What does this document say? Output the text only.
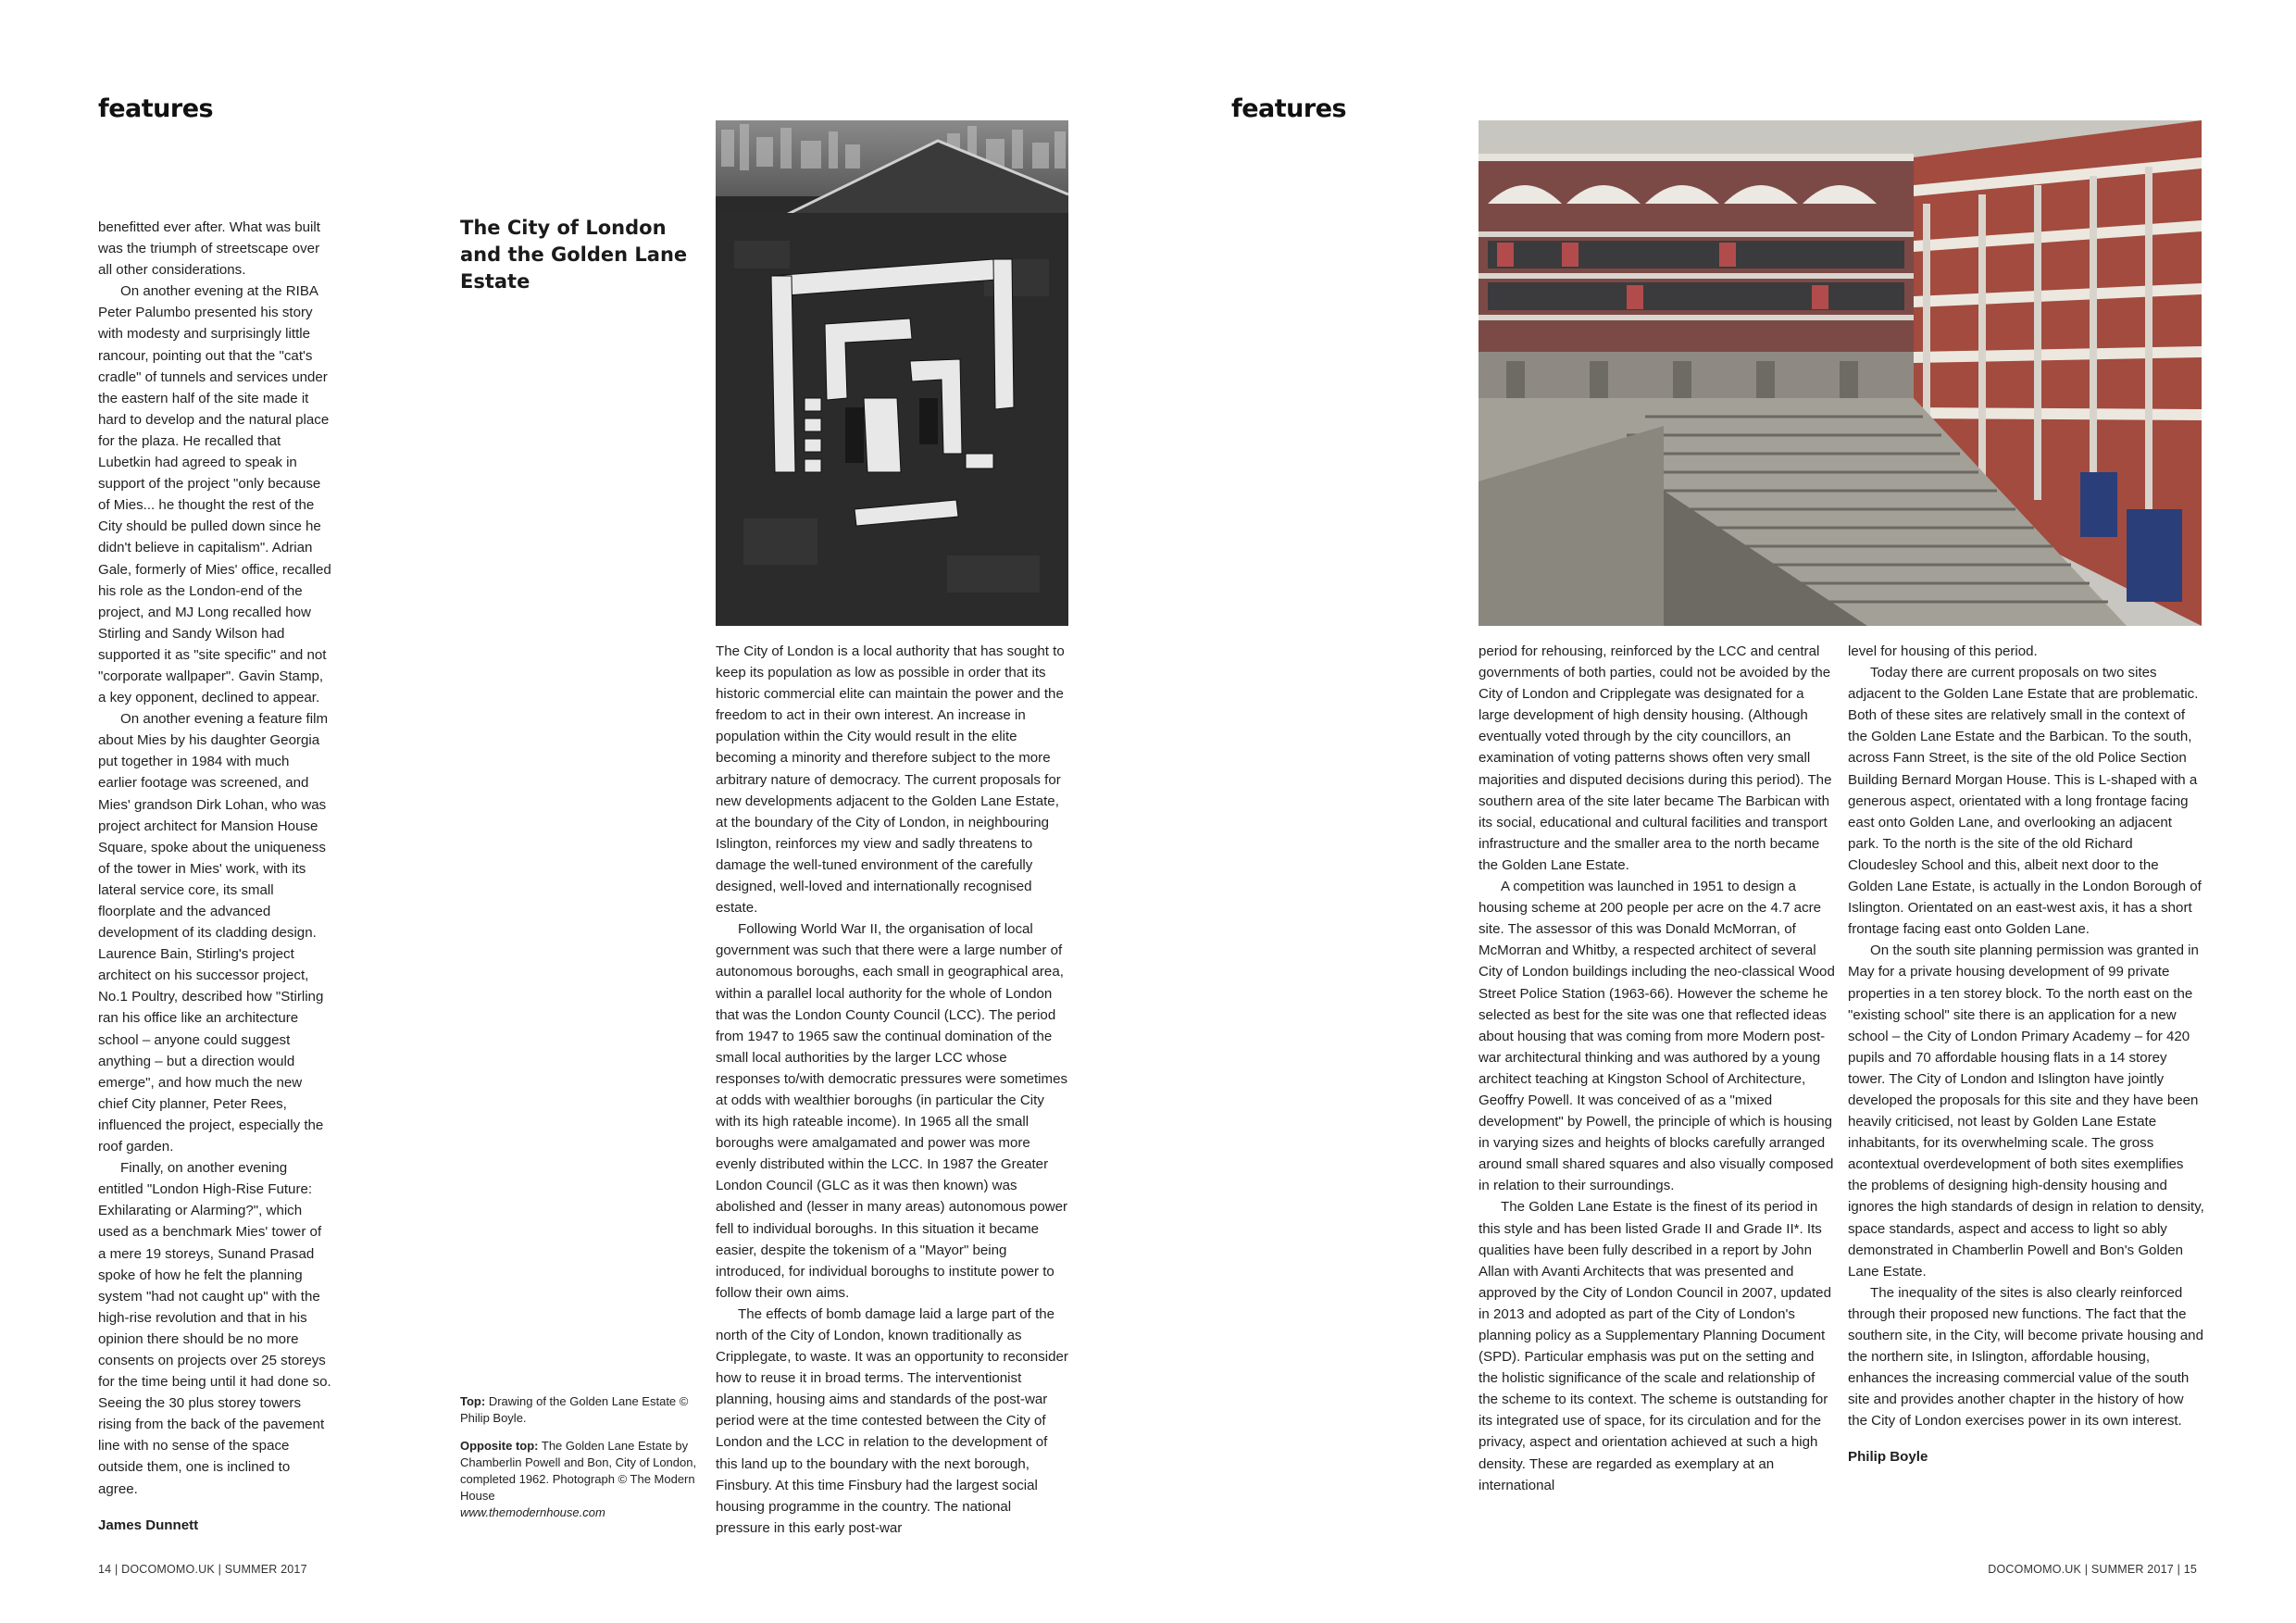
features

benefitted ever after. What was built was the triumph of streetscape over all other considerations.

On another evening at the RIBA Peter Palumbo presented his story with modesty and surprisingly little rancour, pointing out that the "cat's cradle" of tunnels and services under the eastern half of the site made it hard to develop and the natural place for the plaza. He recalled that Lubetkin had agreed to speak in support of the project "only because of Mies... he thought the rest of the City should be pulled down since he didn't believe in capitalism". Adrian Gale, formerly of Mies' office, recalled his role as the London-end of the project, and MJ Long recalled how Stirling and Sandy Wilson had supported it as "site specific" and not "corporate wallpaper". Gavin Stamp, a key opponent, declined to appear.

On another evening a feature film about Mies by his daughter Georgia put together in 1984 with much earlier footage was screened, and Mies' grandson Dirk Lohan, who was project architect for Mansion House Square, spoke about the uniqueness of the tower in Mies' work, with its lateral service core, its small floorplate and the advanced development of its cladding design. Laurence Bain, Stirling's project architect on his successor project, No.1 Poultry, described how "Stirling ran his office like an architecture school – anyone could suggest anything – but a direction would emerge", and how much the new chief City planner, Peter Rees, influenced the project, especially the roof garden.

Finally, on another evening entitled "London High-Rise Future: Exhilarating or Alarming?", which used as a benchmark Mies' tower of a mere 19 storeys, Sunand Prasad spoke of how he felt the planning system "had not caught up" with the high-rise revolution and that in his opinion there should be no more consents on projects over 25 storeys for the time being until it had done so. Seeing the 30 plus storey towers rising from the back of the pavement line with no sense of the space outside them, one is inclined to agree.

James Dunnett

The City of London and the Golden Lane Estate

Top: Drawing of the Golden Lane Estate © Philip Boyle.

Opposite top: The Golden Lane Estate by Chamberlin Powell and Bon, City of London, completed 1962. Photograph © The Modern House
www.themodernhouse.com

The City of London is a local authority that has sought to keep its population as low as possible in order that its historic commercial elite can maintain the power and the freedom to act in their own interest. An increase in population within the City would result in the elite becoming a minority and therefore subject to the more arbitrary nature of democracy. The current proposals for new developments adjacent to the Golden Lane Estate, at the boundary of the City of London, in neighbouring Islington, reinforces my view and sadly threatens to damage the well-tuned environment of the carefully designed, well-loved and internationally recognised estate.

Following World War II, the organisation of local government was such that there were a large number of autonomous boroughs, each small in geographical area, within a parallel local authority for the whole of London that was the London County Council (LCC). The period from 1947 to 1965 saw the continual domination of the small local authorities by the larger LCC whose responses to/with democratic pressures were sometimes at odds with wealthier boroughs (in particular the City with its high rateable income). In 1965 all the small boroughs were amalgamated and power was more evenly distributed within the LCC. In 1987 the Greater London Council (GLC as it was then known) was abolished and (lesser in many areas) autonomous power fell to individual boroughs. In this situation it became easier, despite the tokenism of a "Mayor" being introduced, for individual boroughs to institute power to follow their own aims.

The effects of bomb damage laid a large part of the north of the City of London, known traditionally as Cripplegate, to waste. It was an opportunity to reconsider how to reuse it in broad terms. The interventionist planning, housing aims and standards of the post-war period were at the time contested between the City of London and the LCC in relation to the development of this land up to the boundary with the next borough, Finsbury. At this time Finsbury had the largest social housing programme in the country. The national pressure in this early post-war

14 | DOCOMOMO.UK | SUMMER 2017
features

period for rehousing, reinforced by the LCC and central governments of both parties, could not be avoided by the City of London and Cripplegate was designated for a large development of high density housing. (Although eventually voted through by the city councillors, an examination of voting patterns shows often very small majorities and disputed decisions during this period). The southern area of the site later became The Barbican with its social, educational and cultural facilities and transport infrastructure and the smaller area to the north became the Golden Lane Estate.

A competition was launched in 1951 to design a housing scheme at 200 people per acre on the 4.7 acre site. The assessor of this was Donald McMorran, of McMorran and Whitby, a respected architect of several City of London buildings including the neo-classical Wood Street Police Station (1963-66). However the scheme he selected as best for the site was one that reflected ideas about housing that was coming from more Modern post-war architectural thinking and was authored by a young architect teaching at Kingston School of Architecture, Geoffry Powell. It was conceived of as a "mixed development" by Powell, the principle of which is housing in varying sizes and heights of blocks carefully arranged around small shared squares and also visually composed in relation to their surroundings.

The Golden Lane Estate is the finest of its period in this style and has been listed Grade II and Grade II*. Its qualities have been fully described in a report by John Allan with Avanti Architects that was presented and approved by the City of London Council in 2007, updated in 2013 and adopted as part of the City of London's planning policy as a Supplementary Planning Document (SPD). Particular emphasis was put on the setting and the holistic significance of the scale and relationship of the scheme to its context. The scheme is outstanding for its integrated use of space, for its circulation and for the privacy, aspect and orientation achieved at such a high density. These are regarded as exemplary at an international

level for housing of this period.

Today there are current proposals on two sites adjacent to the Golden Lane Estate that are problematic. Both of these sites are relatively small in the context of the Golden Lane Estate and the Barbican. To the south, across Fann Street, is the site of the old Police Section Building Bernard Morgan House. This is L-shaped with a generous aspect, orientated with a long frontage facing east onto Golden Lane, and overlooking an adjacent park. To the north is the site of the old Richard Cloudesley School and this, albeit next door to the Golden Lane Estate, is actually in the London Borough of Islington. Orientated on an east-west axis, it has a short frontage facing east onto Golden Lane.

On the south site planning permission was granted in May for a private housing development of 99 private properties in a ten storey block. To the north east on the "existing school" site there is an application for a new school – the City of London Primary Academy – for 420 pupils and 70 affordable housing flats in a 14 storey tower. The City of London and Islington have jointly developed the proposals for this site and they have been heavily criticised, not least by Golden Lane Estate inhabitants, for its overwhelming scale. The gross acontextual overdevelopment of both sites exemplifies the problems of designing high-density housing and ignores the high standards of design in relation to density, space standards, aspect and access to light so ably demonstrated in Chamberlin Powell and Bon's Golden Lane Estate.

The inequality of the sites is also clearly reinforced through their proposed new functions. The fact that the southern site, in the City, will become private housing and the northern site, in Islington, affordable housing, enhances the increasing commercial value of the south site and provides another chapter in the history of how the City of London exercises power in its own interest.

Philip Boyle

DOCOMOMO.UK | SUMMER 2017 | 15
